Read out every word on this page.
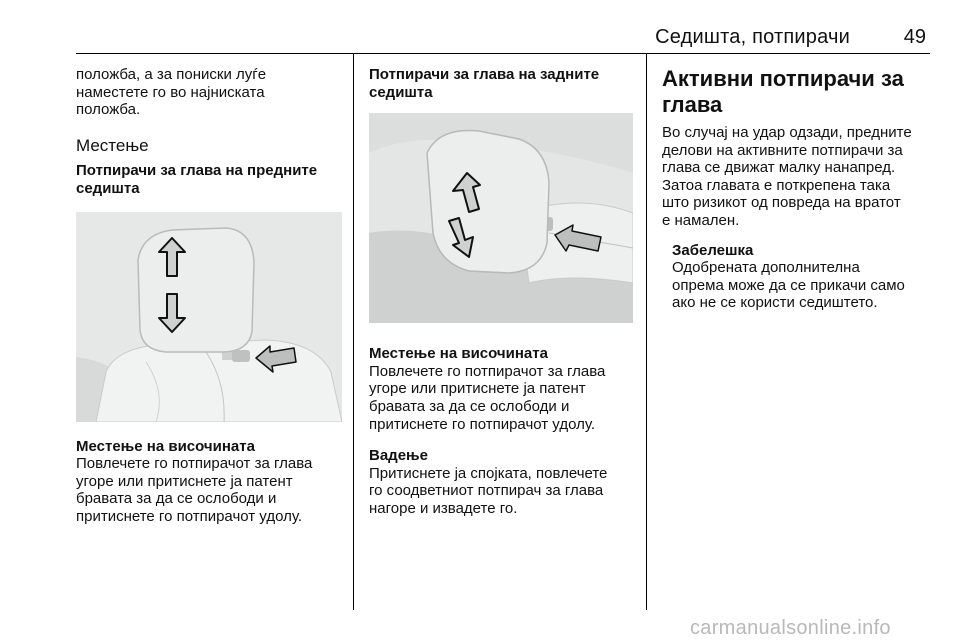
Седишта, потпирачи	49

положба, а за пониски луѓе

наместете го во најниската

положба.

Местење

Потпирачи за глава на предните

седишта

Местење на височината

Повлечете го потпирачот за глава

угоре или притиснете ја патент

бравата за да се ослободи и

притиснете го потпирачот удолу.

Потпирачи за глава на задните

седишта

Местење на височината

Повлечете го потпирачот за глава

угоре или притиснете ја патент

бравата за да се ослободи и

притиснете го потпирачот удолу.

Вадење

Притиснете ја спојката, повлечете

го соодветниот потпирач за глава

нагоре и извадете го.

Активни потпирачи за

глава

Во случај на удар одзади, предните

делови на активните потпирачи за

глава се движат малку нанапред.

Затоа главата е поткрепена така

што ризикот од повреда на вратот

е намален.

Забелешка

Одобрената дополнителна

опрема може да се прикачи само

ако не се користи седиштето.

carmanualsonline.info
